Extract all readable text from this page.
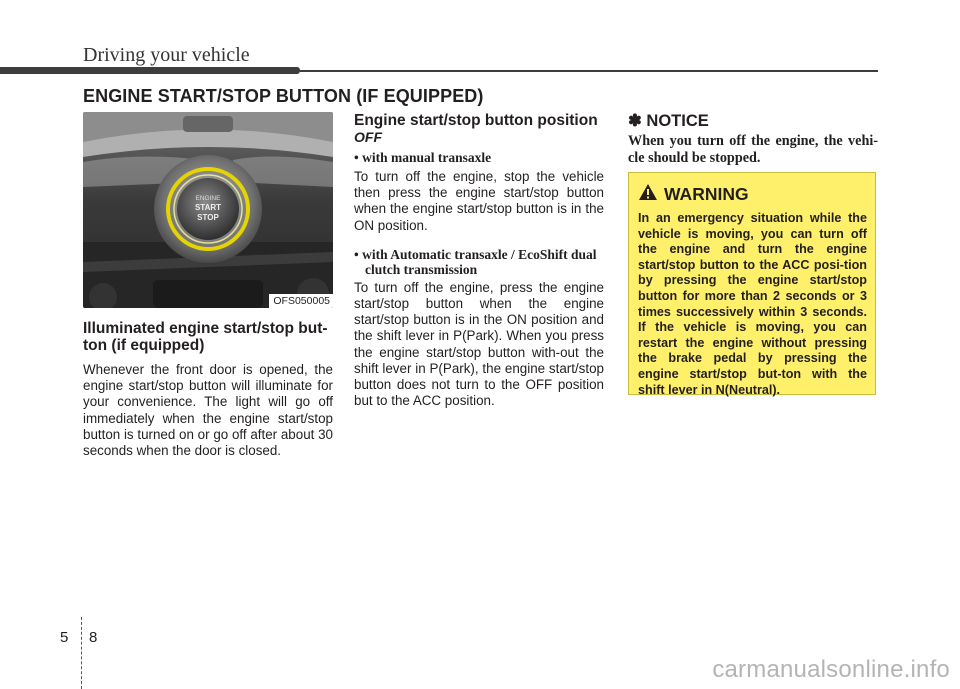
Driving your vehicle
ENGINE START/STOP BUTTON (IF EQUIPPED)
ENGINE
START
STOP
OFS050005
Illuminated engine start/stop but-ton (if equipped)
Whenever the front door is opened, the engine start/stop button will illuminate for your convenience. The light will go off immediately when the engine start/stop button is turned on or go off after about 30 seconds when the door is closed.
Engine start/stop button position
OFF
• with manual transaxle
To turn off the engine, stop the vehicle then press the engine start/stop button when the engine start/stop button is in the ON position.
• with Automatic transaxle / EcoShift dual
clutch transmission
To turn off the engine, press the engine start/stop button when the engine start/stop button is in the ON position and the shift lever in P(Park). When you press the engine start/stop button with-out the shift lever in P(Park), the engine start/stop button does not turn to the OFF position but to the ACC position.
✽ NOTICE
When you turn off the engine, the vehi-cle should be stopped.
WARNING
In an emergency situation while the vehicle is moving, you can turn off the engine and turn the engine start/stop button to the ACC posi-tion by pressing the engine start/stop button for more than 2 seconds or 3 times successively within 3 seconds. If the vehicle is moving, you can restart the engine without pressing the brake pedal by pressing the engine start/stop but-ton with the shift lever in N(Neutral).
5 8
carmanualsonline.info
